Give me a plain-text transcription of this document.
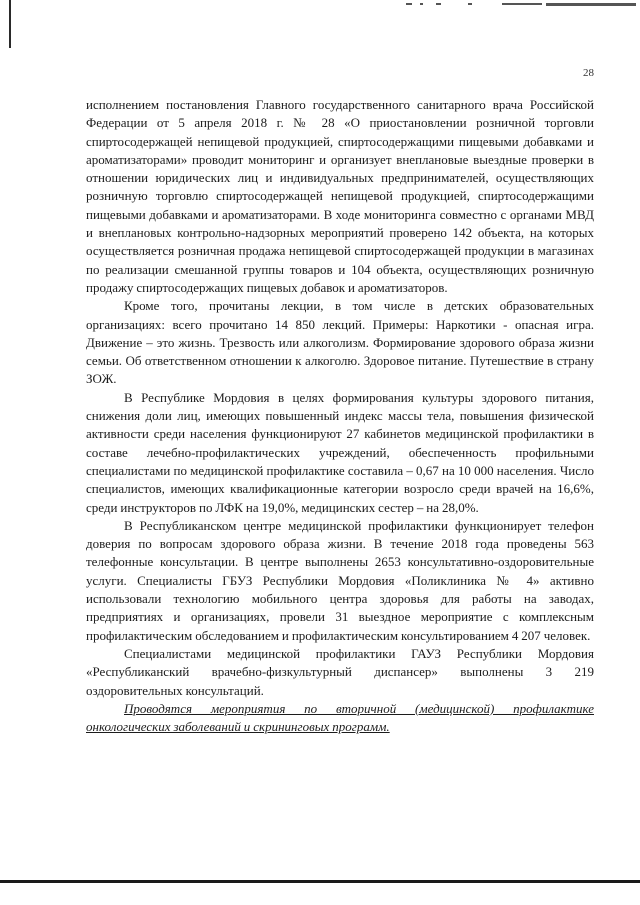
28

исполнением постановления Главного государственного санитарного врача Российской Федерации от 5 апреля 2018 г. № 28 «О приостановлении розничной торговли спиртосодержащей непищевой продукцией, спиртосодержащими пищевыми добавками и ароматизаторами» проводит мониторинг и организует внеплановые выездные проверки в отношении юридических лиц и индивидуальных предпринимателей, осуществляющих розничную торговлю спиртосодержащей непищевой продукцией, спиртосодержащими пищевыми добавками и ароматизаторами. В ходе мониторинга совместно с органами МВД и внеплановых контрольно-надзорных мероприятий проверено 142 объекта, на которых осуществляется розничная продажа непищевой спиртосодержащей продукции в магазинах по реализации смешанной группы товаров и 104 объекта, осуществляющих розничную продажу спиртосодержащих пищевых добавок и ароматизаторов.

Кроме того, прочитаны лекции, в том числе в детских образовательных организациях: всего прочитано 14 850 лекций. Примеры: Наркотики - опасная игра. Движение – это жизнь. Трезвость или алкоголизм. Формирование здорового образа жизни семьи. Об ответственном отношении к алкоголю. Здоровое питание. Путешествие в страну ЗОЖ.

В Республике Мордовия в целях формирования культуры здорового питания, снижения доли лиц, имеющих повышенный индекс массы тела, повышения физической активности среди населения функционируют 27 кабинетов медицинской профилактики в составе лечебно-профилактических учреждений, обеспеченность профильными специалистами по медицинской профилактике составила – 0,67 на 10 000 населения. Число специалистов, имеющих квалификационные категории возросло среди врачей на 16,6%, среди инструкторов по ЛФК на 19,0%, медицинских сестер – на 28,0%.

В Республиканском центре медицинской профилактики функционирует телефон доверия по вопросам здорового образа жизни. В течение 2018 года проведены 563 телефонные консультации. В центре выполнены 2653 консультативно-оздоровительные услуги. Специалисты ГБУЗ Республики Мордовия «Поликлиника № 4» активно использовали технологию мобильного центра здоровья для работы на заводах, предприятиях и организациях, провели 31 выездное мероприятие с комплексным профилактическим обследованием и профилактическим консультированием 4 207 человек.

Специалистами медицинской профилактики ГАУЗ Республики Мордовия «Республиканский врачебно-физкультурный диспансер» выполнены 3 219 оздоровительных консультаций.

Проводятся мероприятия по вторичной (медицинской) профилактике онкологических заболеваний и скрининговых программ.
